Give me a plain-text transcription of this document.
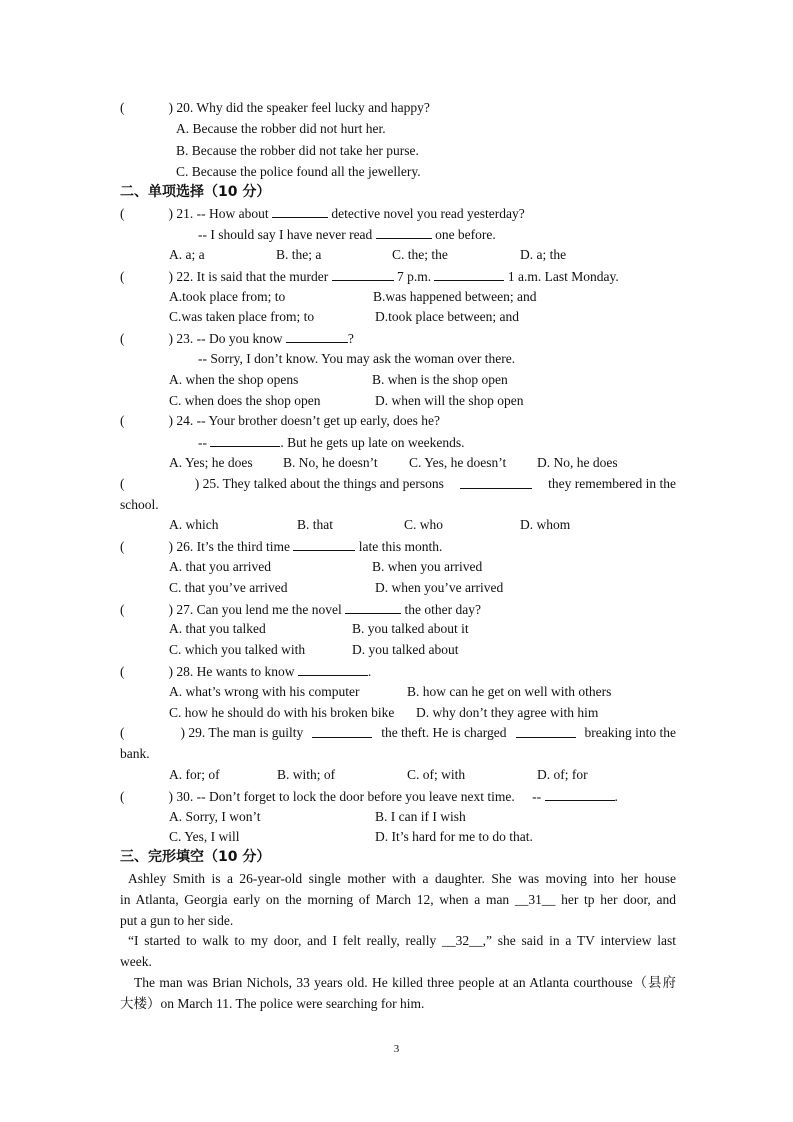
(	) 20. Why did the speaker feel lucky and happy?
A. Because the robber did not hurt her.
B. Because the robber did not take her purse.
C. Because the police found all the jewellery.
二、单项选择（10 分）
(	) 21. -- How about	detective novel you read yesterday?
-- I should say I have never read	one before.
A. a; a	B. the; a	C. the; the	D. a; the
(	) 22. It is said that the murder	7 p.m.	1 a.m. Last Monday.
A.took place from; to	B.was happened between; and
C.was taken place from; to	D.took place between; and
(	) 23. -- Do you know	?
-- Sorry, I don’t know. You may ask the woman over there.
A. when the shop opens	B. when is the shop open
C. when does the shop open	D. when will the shop open
(	) 24. -- Your brother doesn’t get up early, does he?
--	. But he gets up late on weekends.
A. Yes; he does B. No, he doesn’t C. Yes, he doesn’t D. No, he does
(	) 25. They talked about the things and persons	they remembered in the
school.
A. which	B. that	C. who	D. whom
(	) 26. It’s the third time	late this month.
A. that you arrived	B. when you arrived
C. that you’ve arrived	D. when you’ve arrived
(	) 27. Can you lend me the novel	the other day?
A. that you talked	B. you talked about it
C. which you talked with	D. you talked about
(	) 28. He wants to know	.
A. what’s wrong with his computer	B. how can he get on well with others
C. how he should do with his broken bike D. why don’t they agree with him
(	) 29. The man is guilty	the theft. He is charged	breaking into the
bank.
A. for; of	B. with; of	C. of; with	D. of; for
(	) 30. -- Don’t forget to lock the door before you leave next time. --	.
A. Sorry, I won’t	B. I can if I wish
C. Yes, I will	D. It’s hard for me to do that.
三、完形填空（10 分）
Ashley Smith is a 26-year-old single mother with a daughter. She was moving into her house
in Atlanta, Georgia early on the morning of March 12, when a man __31__ her tp her door, and
put a gun to her side.
“I started to walk to my door, and I felt really, really __32__,” she said in a TV interview last
week.
The man was Brian Nichols, 33 years old. He killed three people at an Atlanta courthouse（县府
大楼）on March 11. The police were searching for him.
3
